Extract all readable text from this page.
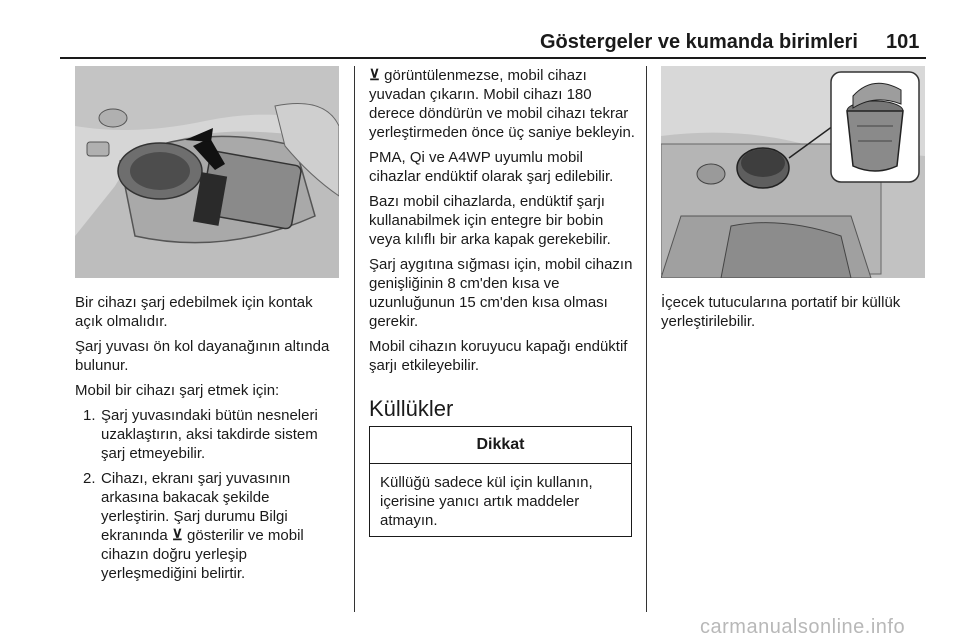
Göstergeler ve kumanda birimleri 101

Bir cihazı şarj edebilmek için kontak açık olmalıdır.

Şarj yuvası ön kol dayanağının altında bulunur.

Mobil bir cihazı şarj etmek için:

1. Şarj yuvasındaki bütün nesneleri uzaklaştırın, aksi takdirde sistem şarj etmeyebilir.
2. Cihazı, ekranı şarj yuvasının arkasına bakacak şekilde yerleştirin. Şarj durumu Bilgi ekranında ⊻ gösterilir ve mobil cihazın doğru yerleşip yerleşmediğini belirtir.

⊻ görüntülenmezse, mobil cihazı yuvadan çıkarın. Mobil cihazı 180 derece döndürün ve mobil cihazı tekrar yerleştirmeden önce üç saniye bekleyin.

PMA, Qi ve A4WP uyumlu mobil cihazlar endüktif olarak şarj edilebilir.

Bazı mobil cihazlarda, endüktif şarjı kullanabilmek için entegre bir bobin veya kılıflı bir arka kapak gerekebilir.

Şarj aygıtına sığması için, mobil cihazın genişliğinin 8 cm'den kısa ve uzunluğunun 15 cm'den kısa olması gerekir.

Mobil cihazın koruyucu kapağı endüktif şarjı etkileyebilir.

Küllükler
Dikkat
Küllüğü sadece kül için kullanın, içerisine yanıcı artık maddeler atmayın.

İçecek tutucularına portatif bir küllük yerleştirilebilir.

carmanualsonline.info
